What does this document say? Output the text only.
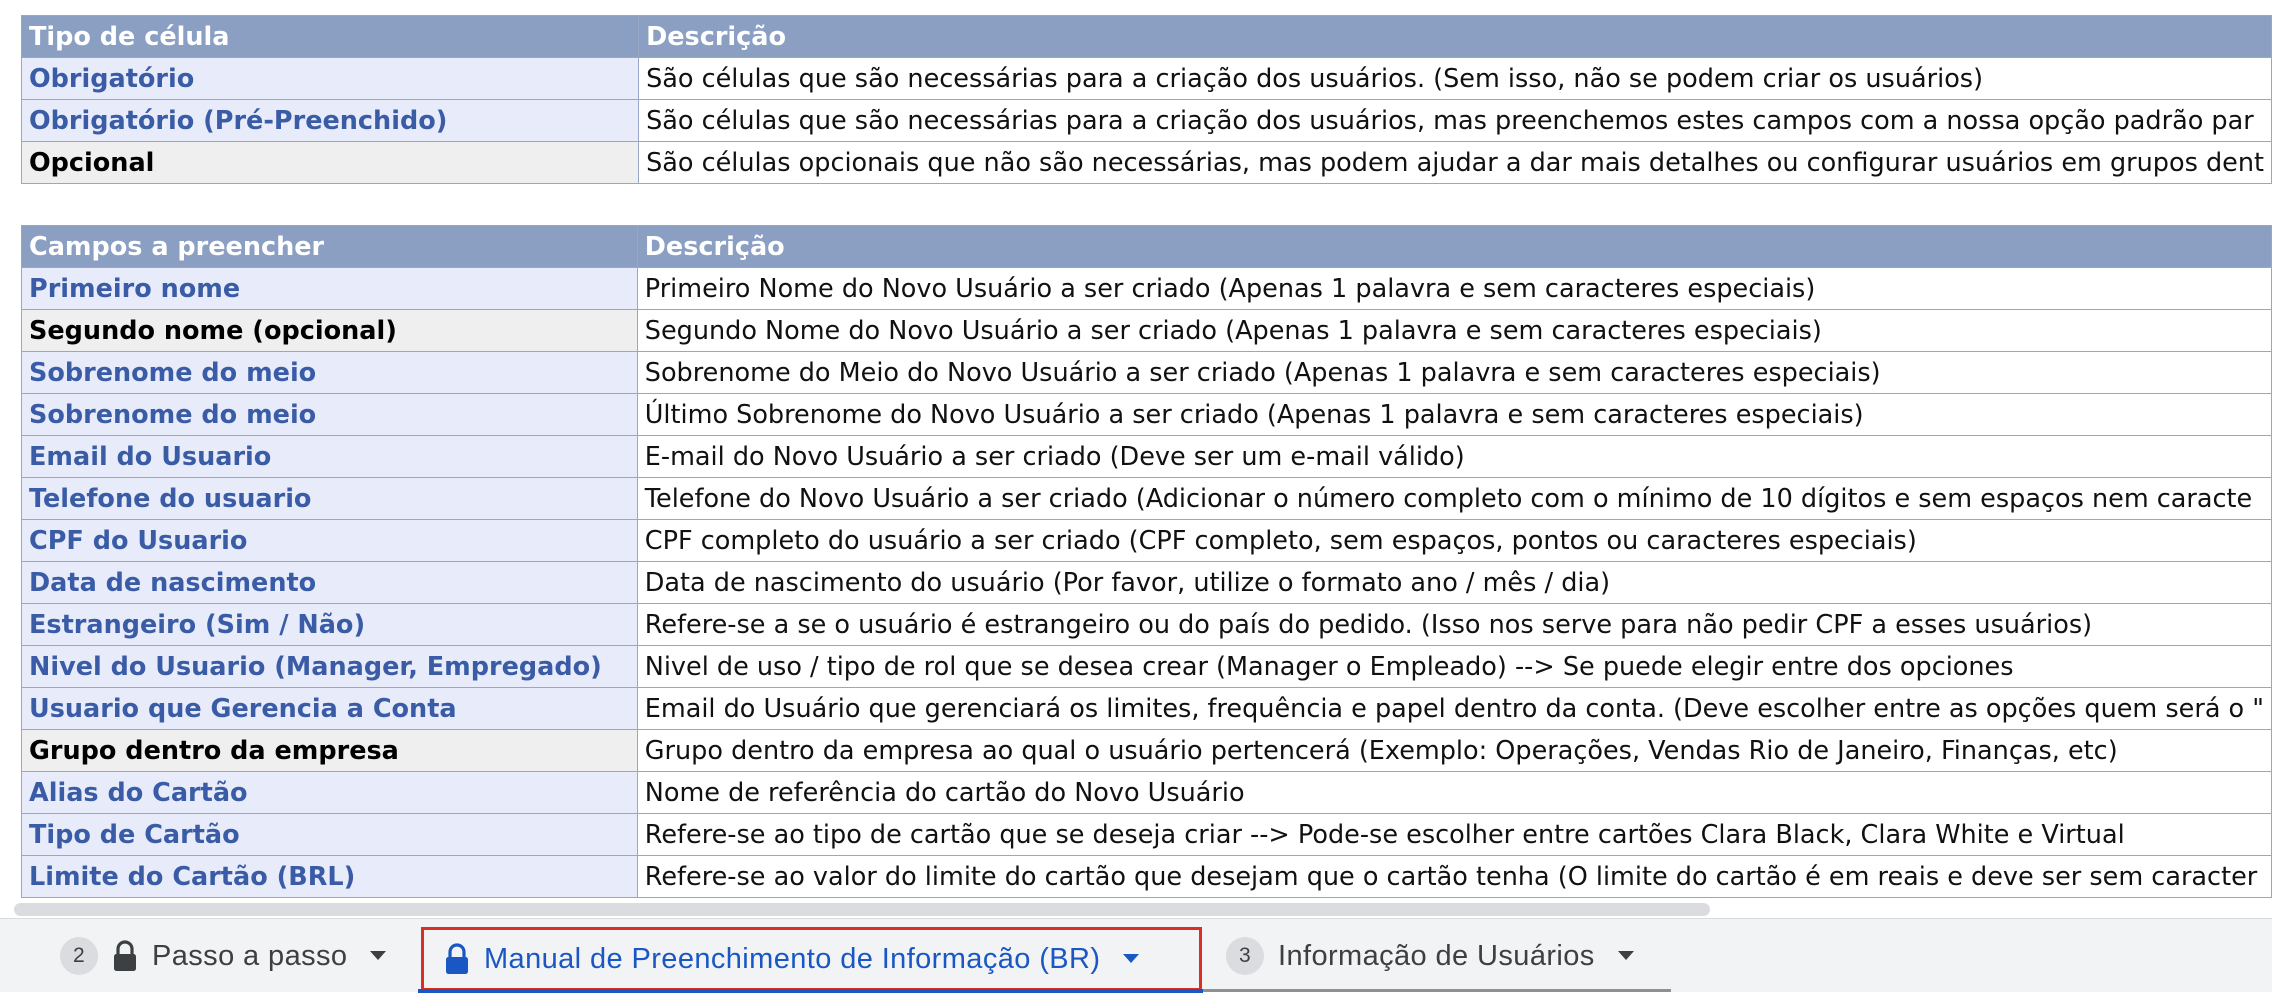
Tipo de célula	Descrição
Obrigatório	São células que são necessárias para a criação dos usuários. (Sem isso, não se podem criar os usuários)
Obrigatório (Pré-Preenchido)	São células que são necessárias para a criação dos usuários, mas preenchemos estes campos com a nossa opção padrão par
Opcional	São células opcionais que não são necessárias, mas podem ajudar a dar mais detalhes ou configurar usuários em grupos dent
Campos a preencher	Descrição
Primeiro nome	Primeiro Nome do Novo Usuário a ser criado (Apenas 1 palavra e sem caracteres especiais)
Segundo nome (opcional)	Segundo Nome do Novo Usuário a ser criado (Apenas 1 palavra e sem caracteres especiais)
Sobrenome do meio	Sobrenome do Meio do Novo Usuário a ser criado (Apenas 1 palavra e sem caracteres especiais)
Sobrenome do meio	Último Sobrenome do Novo Usuário a ser criado (Apenas 1 palavra e sem caracteres especiais)
Email do Usuario	E-mail do Novo Usuário a ser criado (Deve ser um e-mail válido)
Telefone do usuario	Telefone do Novo Usuário a ser criado (Adicionar o número completo com o mínimo de 10 dígitos e sem espaços nem caracte
CPF do Usuario	CPF completo do usuário a ser criado (CPF completo, sem espaços, pontos ou caracteres especiais)
Data de nascimento	Data de nascimento do usuário (Por favor, utilize o formato ano / mês / dia)
Estrangeiro (Sim / Não)	Refere-se a se o usuário é estrangeiro ou do país do pedido. (Isso nos serve para não pedir CPF a esses usuários)
Nivel do Usuario (Manager, Empregado)	Nivel de uso / tipo de rol que se desea crear (Manager o Empleado) --> Se puede elegir entre dos opciones
Usuario que Gerencia a Conta	Email do Usuário que gerenciará os limites, frequência e papel dentro da conta. (Deve escolher entre as opções quem será o "
Grupo dentro da empresa	Grupo dentro da empresa ao qual o usuário pertencerá (Exemplo: Operações, Vendas Rio de Janeiro, Finanças, etc)
Alias do Cartão	Nome de referência do cartão do Novo Usuário
Tipo de Cartão	Refere-se ao tipo de cartão que se deseja criar --> Pode-se escolher entre cartões Clara Black, Clara White e Virtual
Limite do Cartão (BRL)	Refere-se ao valor do limite do cartão que desejam que o cartão tenha (O limite do cartão é em reais e deve ser sem caracter
2	Passo a passo	Manual de Preenchimento de Informação (BR)	3 Informação de Usuários
